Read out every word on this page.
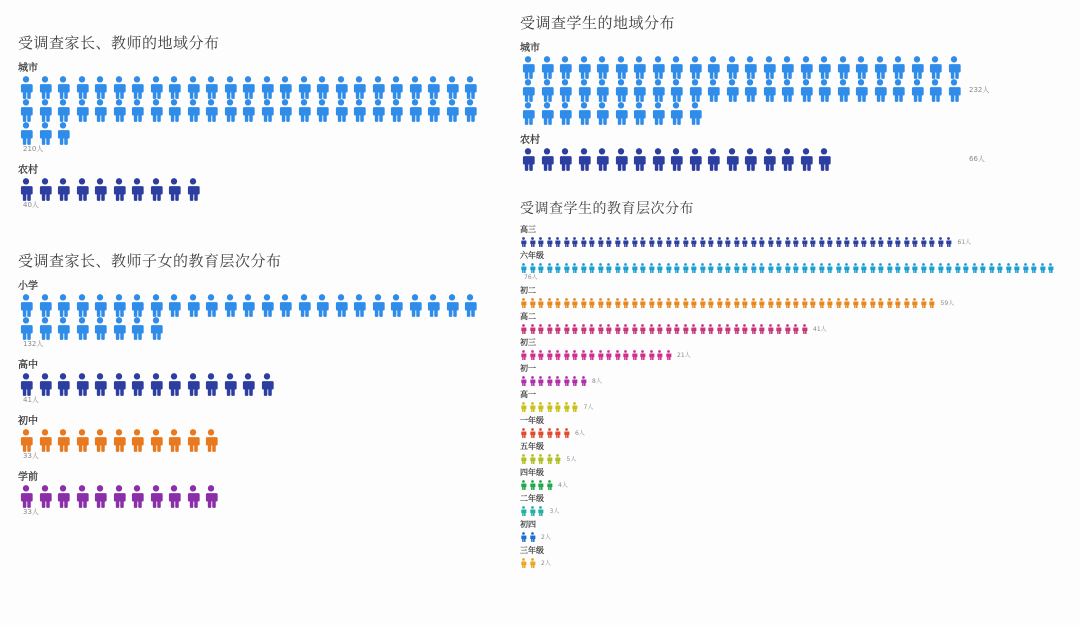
受调查家长、教师的地域分布
城市
210人
农村
40人
受调查家长、教师子女的教育层次分布
小学
132人
高中
41人
初中
33人
学前
33人
受调查学生的地域分布
城市
232人
农村
66人
受调查学生的教育层次分布
高三
61人
六年级
76人
初二
59人
高二
41人
初三
21人
初一
8人
高一
7人
一年级
6人
五年级
5人
四年级
4人
二年级
3人
初四
2人
三年级
2人
